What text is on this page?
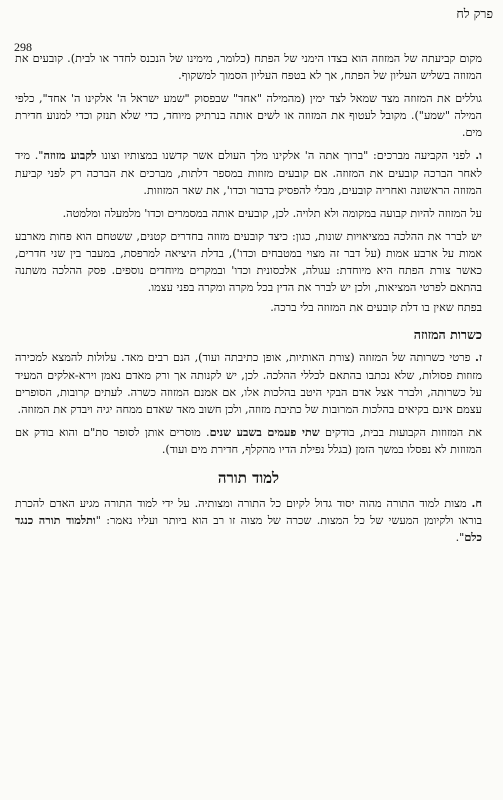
298
פרק לח

מקום קביעתה של המזוזה הוא בצדו הימני של הפתח (כלומר, מימינו של הנכנס לחדר או לבית). קובעים את המזוזה בשליש העליון של הפתח, אך לא בטפח העליון הסמוך למשקוף.

גוללים את המזוזה מצד שמאל לצד ימין (מהמילה "אחד" שבפסוק "שמע ישראל ה' אלקינו ה' אחד", כלפי המילה "שמע"). מקובל לעטוף את המזוזה או לשים אותה בנרתיק מיוחד, כדי שלא תנזק וכדי למנוע חדירת מים.

ו. לפני הקביעה מברכים: "ברוך אתה ה' אלקינו מלך העולם אשר קדשנו במצותיו וצונו לקבוע מזוזה". מיד לאחר הברכה קובעים את המזוזה. אם קובעים מזוזות במספר דלתות, מברכים את הברכה רק לפני קביעת המזוזה הראשונה ואחריה קובעים, מבלי להפסיק בדבור וכדו', את שאר המזוזות.

על המזוזה להיות קבועה במקומה ולא תלויה. לכן, קובעים אותה במסמרים וכדו' מלמעלה ומלמטה.

יש לברר את ההלכה במציאויות שונות, כגון: כיצד קובעים מזוזה בחדרים קטנים, ששטחם הוא פחות מארבע אמות על ארבע אמות (על דבר זה מצוי במטבחים וכדו'), בדלת היציאה למרפסת, במעבר בין שני חדרים, כאשר צורת הפתח היא מיוחדת: עגולה, אלכסונית וכדו' ובמקרים מיוחדים נוספים. פסק ההלכה משתנה בהתאם לפרטי המציאות, ולכן יש לברר את הדין בכל מקרה ומקרה בפני עצמו.

בפתח שאין בו דלת קובעים את המזוזה בלי ברכה.

כשרות המזוזה

ז. פרטי כשרותה של המזוזה (צורת האותיות, אופן כתיבתה ועוד), הנם רבים מאד. עלולות להמצא למכירה מזוזות פסולות, שלא נכתבו בהתאם לכללי ההלכה. לכן, יש לקנותה אך ורק מאדם נאמן וירא-אלקים המעיד על כשרותה, ולברר אצל אדם הבקי היטב בהלכות אלו, אם אמנם המזוזה כשרה. לעתים קרובות, הסופרים עצמם אינם בקיאים בהלכות המרובות של כתיבת מזוזה, ולכן חשוב מאד שאדם ממחה יגיה ויבדק את המזוזה.

את המזוזות הקבועות בבית, בודקים שתי פעמים בשבע שנים. מוסרים אותן לסופר סת"ם והוא בודק אם המזוזות לא נפסלו במשך הזמן (בגלל נפילת הדיו מהקלף, חדירת מים ועוד).

למוד תורה

ח. מצות למוד התורה מהוה יסוד גדול לקיום כל התורה ומצותיה. על ידי למוד התורה מגיע האדם להכרת בוראו ולקיומן המעשי של כל המצות. שכרה של מצוה זו רב הוא ביותר ועליו נאמר: "ותלמוד תורה כנגד כלם".
